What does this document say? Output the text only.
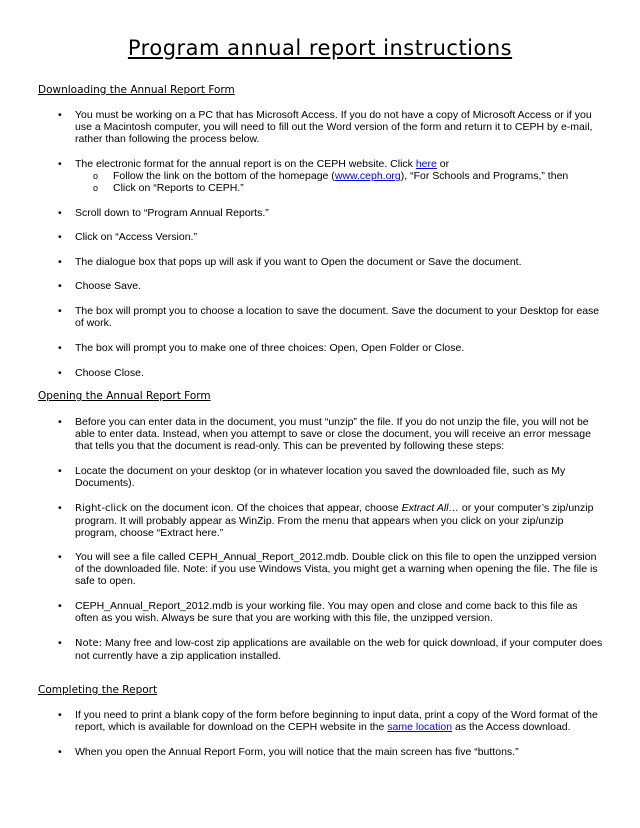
Program annual report instructions
Downloading the Annual Report Form
• You must be working on a PC that has Microsoft Access. If you do not have a copy of Microsoft Access or if you use a Macintosh computer, you will need to fill out the Word version of the form and return it to CEPH by e-mail, rather than following the process below.
• The electronic format for the annual report is on the CEPH website. Click here or
o Follow the link on the bottom of the homepage (www.ceph.org), “For Schools and Programs,” then
o Click on “Reports to CEPH.”
• Scroll down to “Program Annual Reports.”
• Click on “Access Version.”
• The dialogue box that pops up will ask if you want to Open the document or Save the document.
• Choose Save.
• The box will prompt you to choose a location to save the document. Save the document to your Desktop for ease of work.
• The box will prompt you to make one of three choices: Open, Open Folder or Close.
• Choose Close.
Opening the Annual Report Form
• Before you can enter data in the document, you must “unzip” the file. If you do not unzip the file, you will not be able to enter data. Instead, when you attempt to save or close the document, you will receive an error message that tells you that the document is read-only. This can be prevented by following these steps:
• Locate the document on your desktop (or in whatever location you saved the downloaded file, such as My Documents).
• Right-click on the document icon. Of the choices that appear, choose Extract All… or your computer’s zip/unzip program. It will probably appear as WinZip. From the menu that appears when you click on your zip/unzip program, choose “Extract here.”
• You will see a file called CEPH_Annual_Report_2012.mdb. Double click on this file to open the unzipped version of the downloaded file. Note: if you use Windows Vista, you might get a warning when opening the file. The file is safe to open.
• CEPH_Annual_Report_2012.mdb is your working file. You may open and close and come back to this file as often as you wish. Always be sure that you are working with this file, the unzipped version.
• Note: Many free and low-cost zip applications are available on the web for quick download, if your computer does not currently have a zip application installed.
Completing the Report
• If you need to print a blank copy of the form before beginning to input data, print a copy of the Word format of the report, which is available for download on the CEPH website in the same location as the Access download.
• When you open the Annual Report Form, you will notice that the main screen has five “buttons.”
